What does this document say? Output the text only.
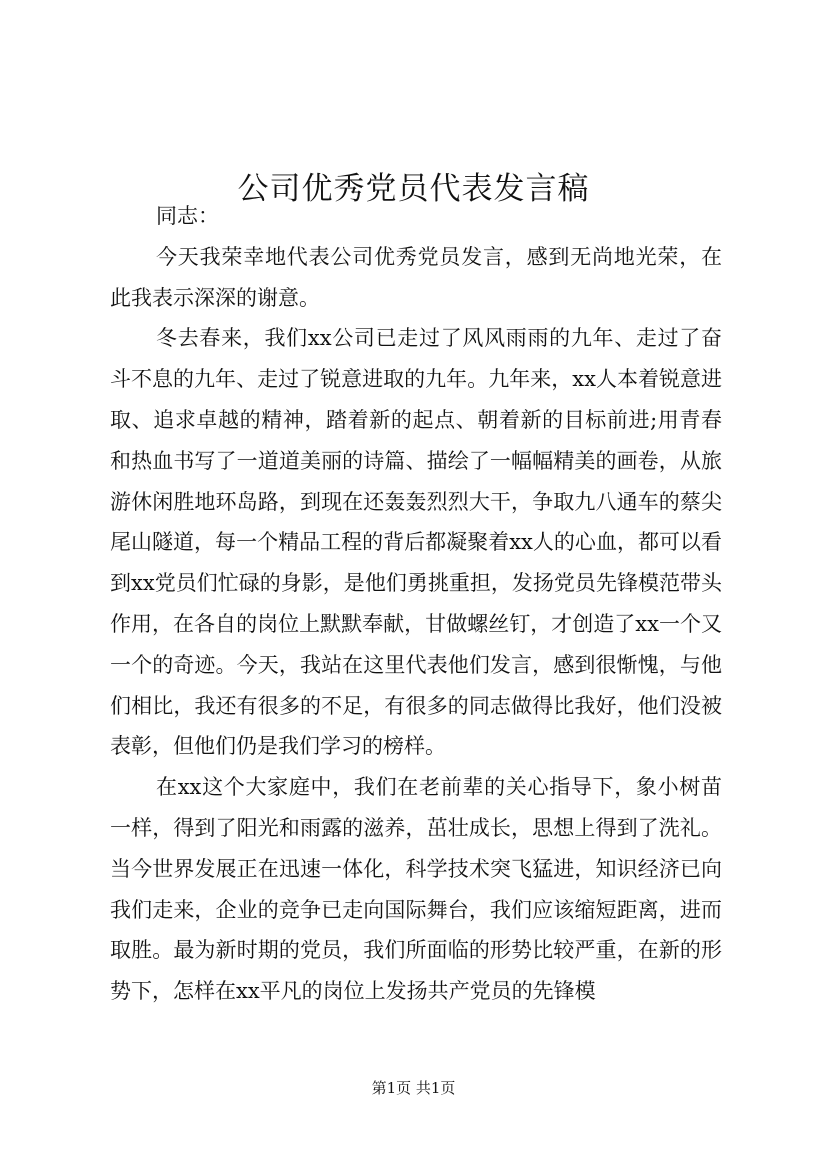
公司优秀党员代表发言稿

同志：

今天我荣幸地代表公司优秀党员发言，感到无尚地光荣，在此我表示深深的谢意。

冬去春来，我们xx公司已走过了风风雨雨的九年、走过了奋斗不息的九年、走过了锐意进取的九年。九年来，xx人本着锐意进取、追求卓越的精神，踏着新的起点、朝着新的目标前进;用青春和热血书写了一道道美丽的诗篇、描绘了一幅幅精美的画卷，从旅游休闲胜地环岛路，到现在还轰轰烈烈大干，争取九八通车的蔡尖尾山隧道，每一个精品工程的背后都凝聚着xx人的心血，都可以看到xx党员们忙碌的身影，是他们勇挑重担，发扬党员先锋模范带头作用，在各自的岗位上默默奉献，甘做螺丝钉，才创造了xx一个又一个的奇迹。今天，我站在这里代表他们发言，感到很惭愧，与他们相比，我还有很多的不足，有很多的同志做得比我好，他们没被表彰，但他们仍是我们学习的榜样。

在xx这个大家庭中，我们在老前辈的关心指导下，象小树苗一样，得到了阳光和雨露的滋养，茁壮成长，思想上得到了洗礼。当今世界发展正在迅速一体化，科学技术突飞猛进，知识经济已向我们走来，企业的竞争已走向国际舞台，我们应该缩短距离，进而取胜。最为新时期的党员，我们所面临的形势比较严重，在新的形势下，怎样在xx平凡的岗位上发扬共产党员的先锋模

第1页 共1页
